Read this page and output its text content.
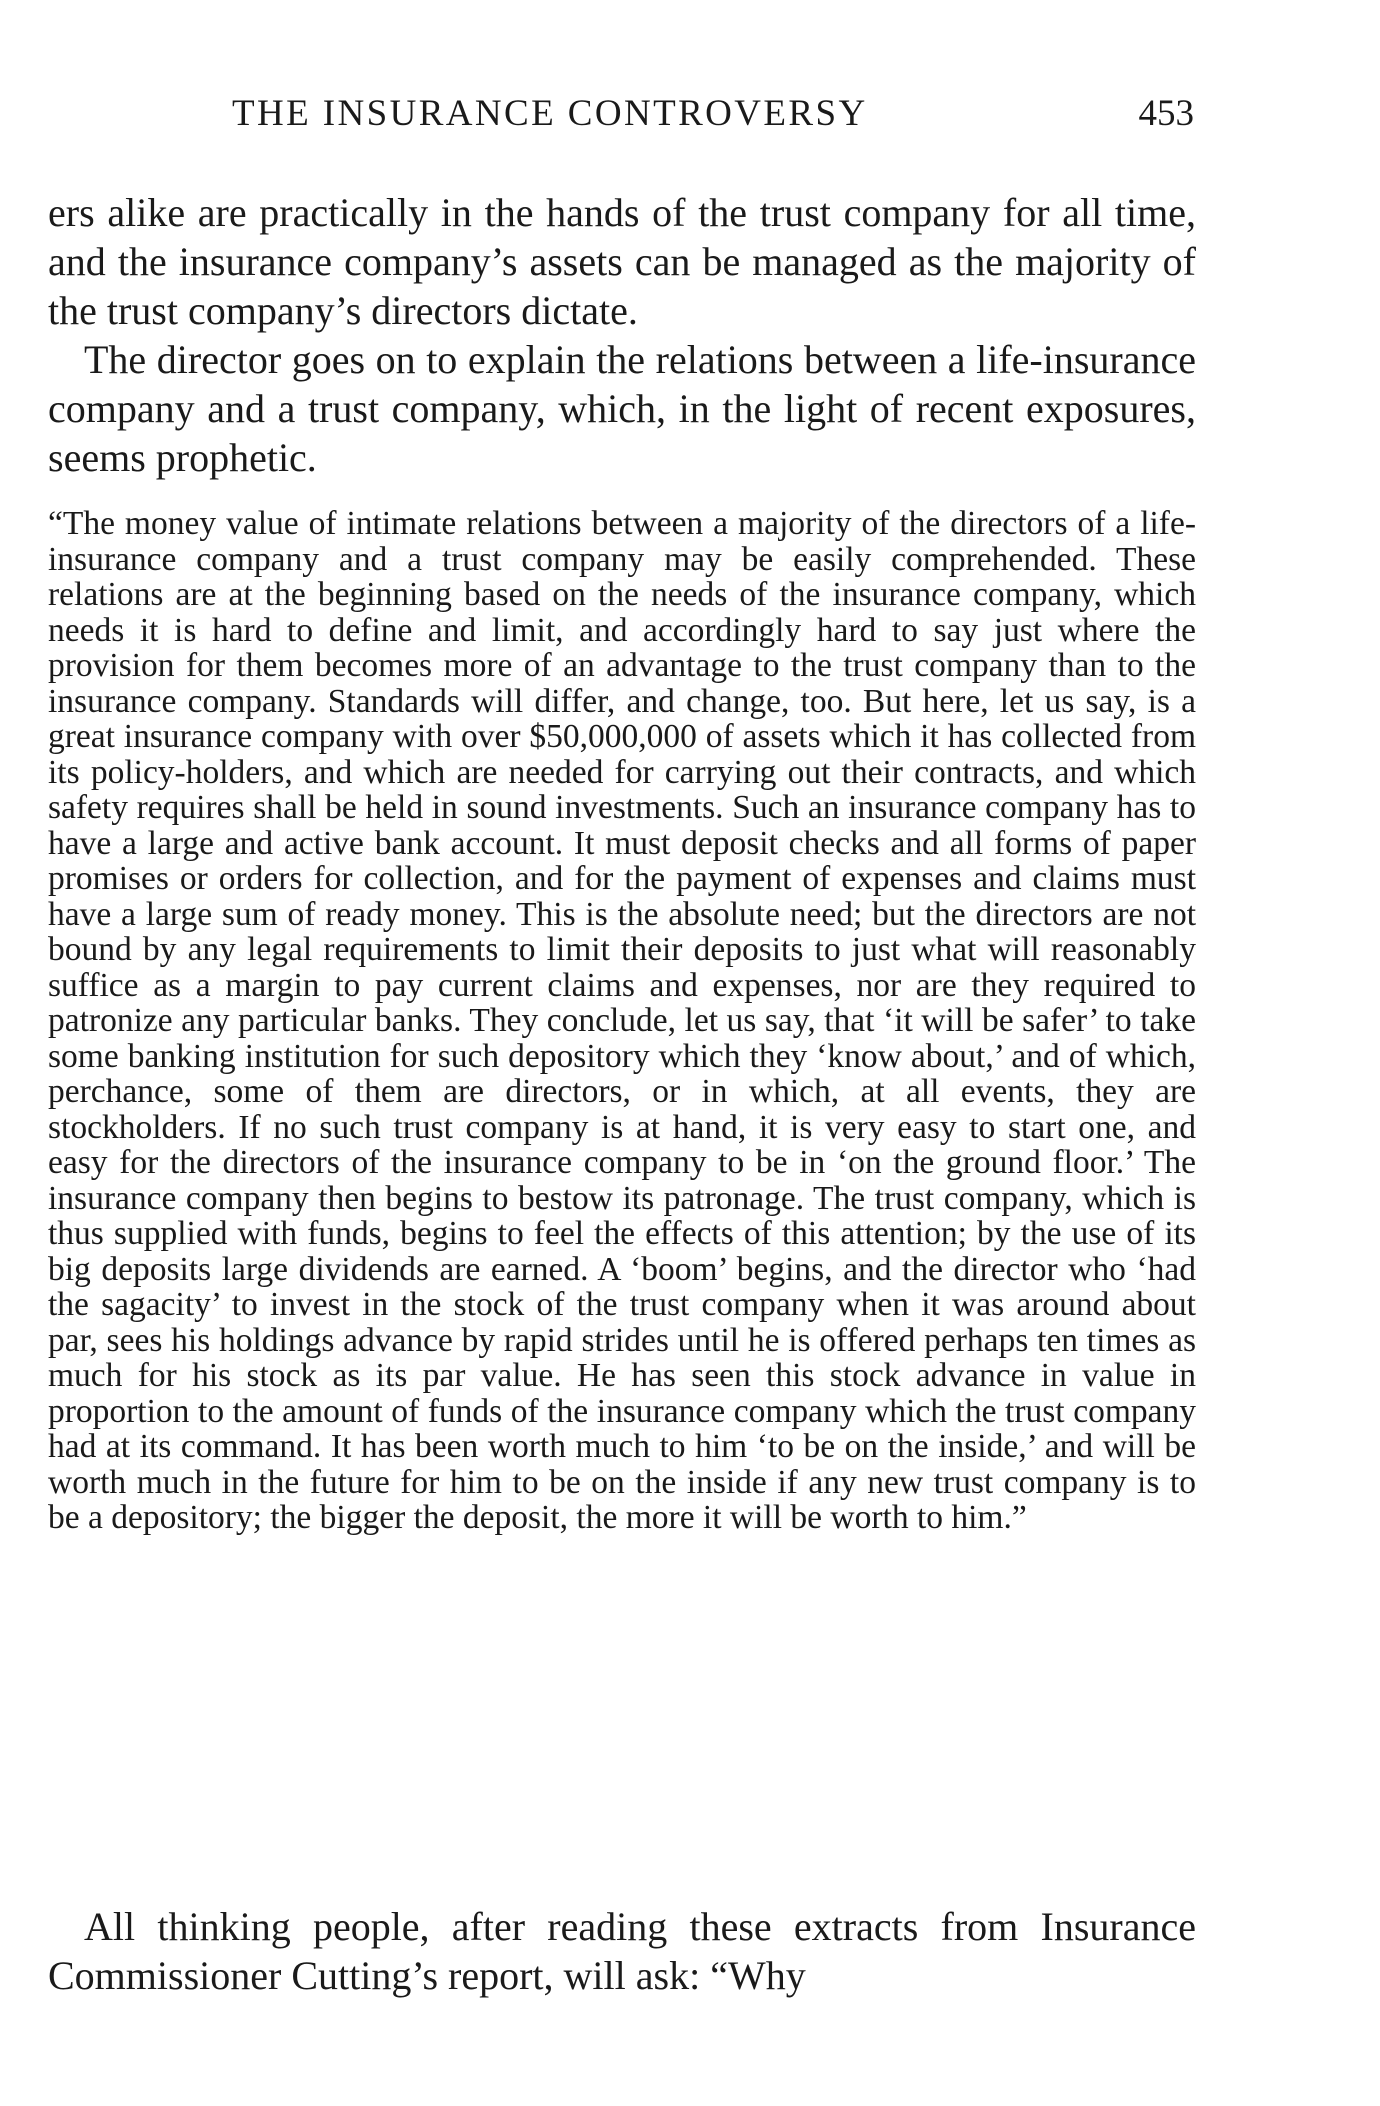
THE INSURANCE CONTROVERSY	453

ers alike are practically in the hands of the trust company for all time, and the insurance company’s assets can be managed as the majority of the trust company’s directors dictate.
The director goes on to explain the relations between a life-insurance company and a trust company, which, in the light of recent exposures, seems prophetic.

“The money value of intimate relations between a majority of the directors of a life-insurance company and a trust company may be easily comprehended. These relations are at the beginning based on the needs of the insurance company, which needs it is hard to define and limit, and accordingly hard to say just where the provision for them becomes more of an advantage to the trust company than to the insurance company. Standards will differ, and change, too. But here, let us say, is a great insurance company with over $50,000,000 of assets which it has collected from its policy-holders, and which are needed for carrying out their contracts, and which safety requires shall be held in sound investments. Such an insurance company has to have a large and active bank account. It must deposit checks and all forms of paper promises or orders for collection, and for the payment of expenses and claims must have a large sum of ready money. This is the absolute need; but the directors are not bound by any legal requirements to limit their deposits to just what will reasonably suffice as a margin to pay current claims and expenses, nor are they required to patronize any particular banks. They conclude, let us say, that ‘it will be safer’ to take some banking institution for such depository which they ‘know about,’ and of which, perchance, some of them are directors, or in which, at all events, they are stockholders. If no such trust company is at hand, it is very easy to start one, and easy for the directors of the insurance company to be in ‘on the ground floor.’ The insurance company then begins to bestow its patronage. The trust company, which is thus supplied with funds, begins to feel the effects of this attention; by the use of its big deposits large dividends are earned. A ‘boom’ begins, and the director who ‘had the sagacity’ to invest in the stock of the trust company when it was around about par, sees his holdings advance by rapid strides until he is offered perhaps ten times as much for his stock as its par value. He has seen this stock advance in value in proportion to the amount of funds of the insurance company which the trust company had at its command. It has been worth much to him ‘to be on the inside,’ and will be worth much in the future for him to be on the inside if any new trust company is to be a depository; the bigger the deposit, the more it will be worth to him.”

All thinking people, after reading these extracts from Insurance Commissioner Cutting’s report, will ask: “Why
